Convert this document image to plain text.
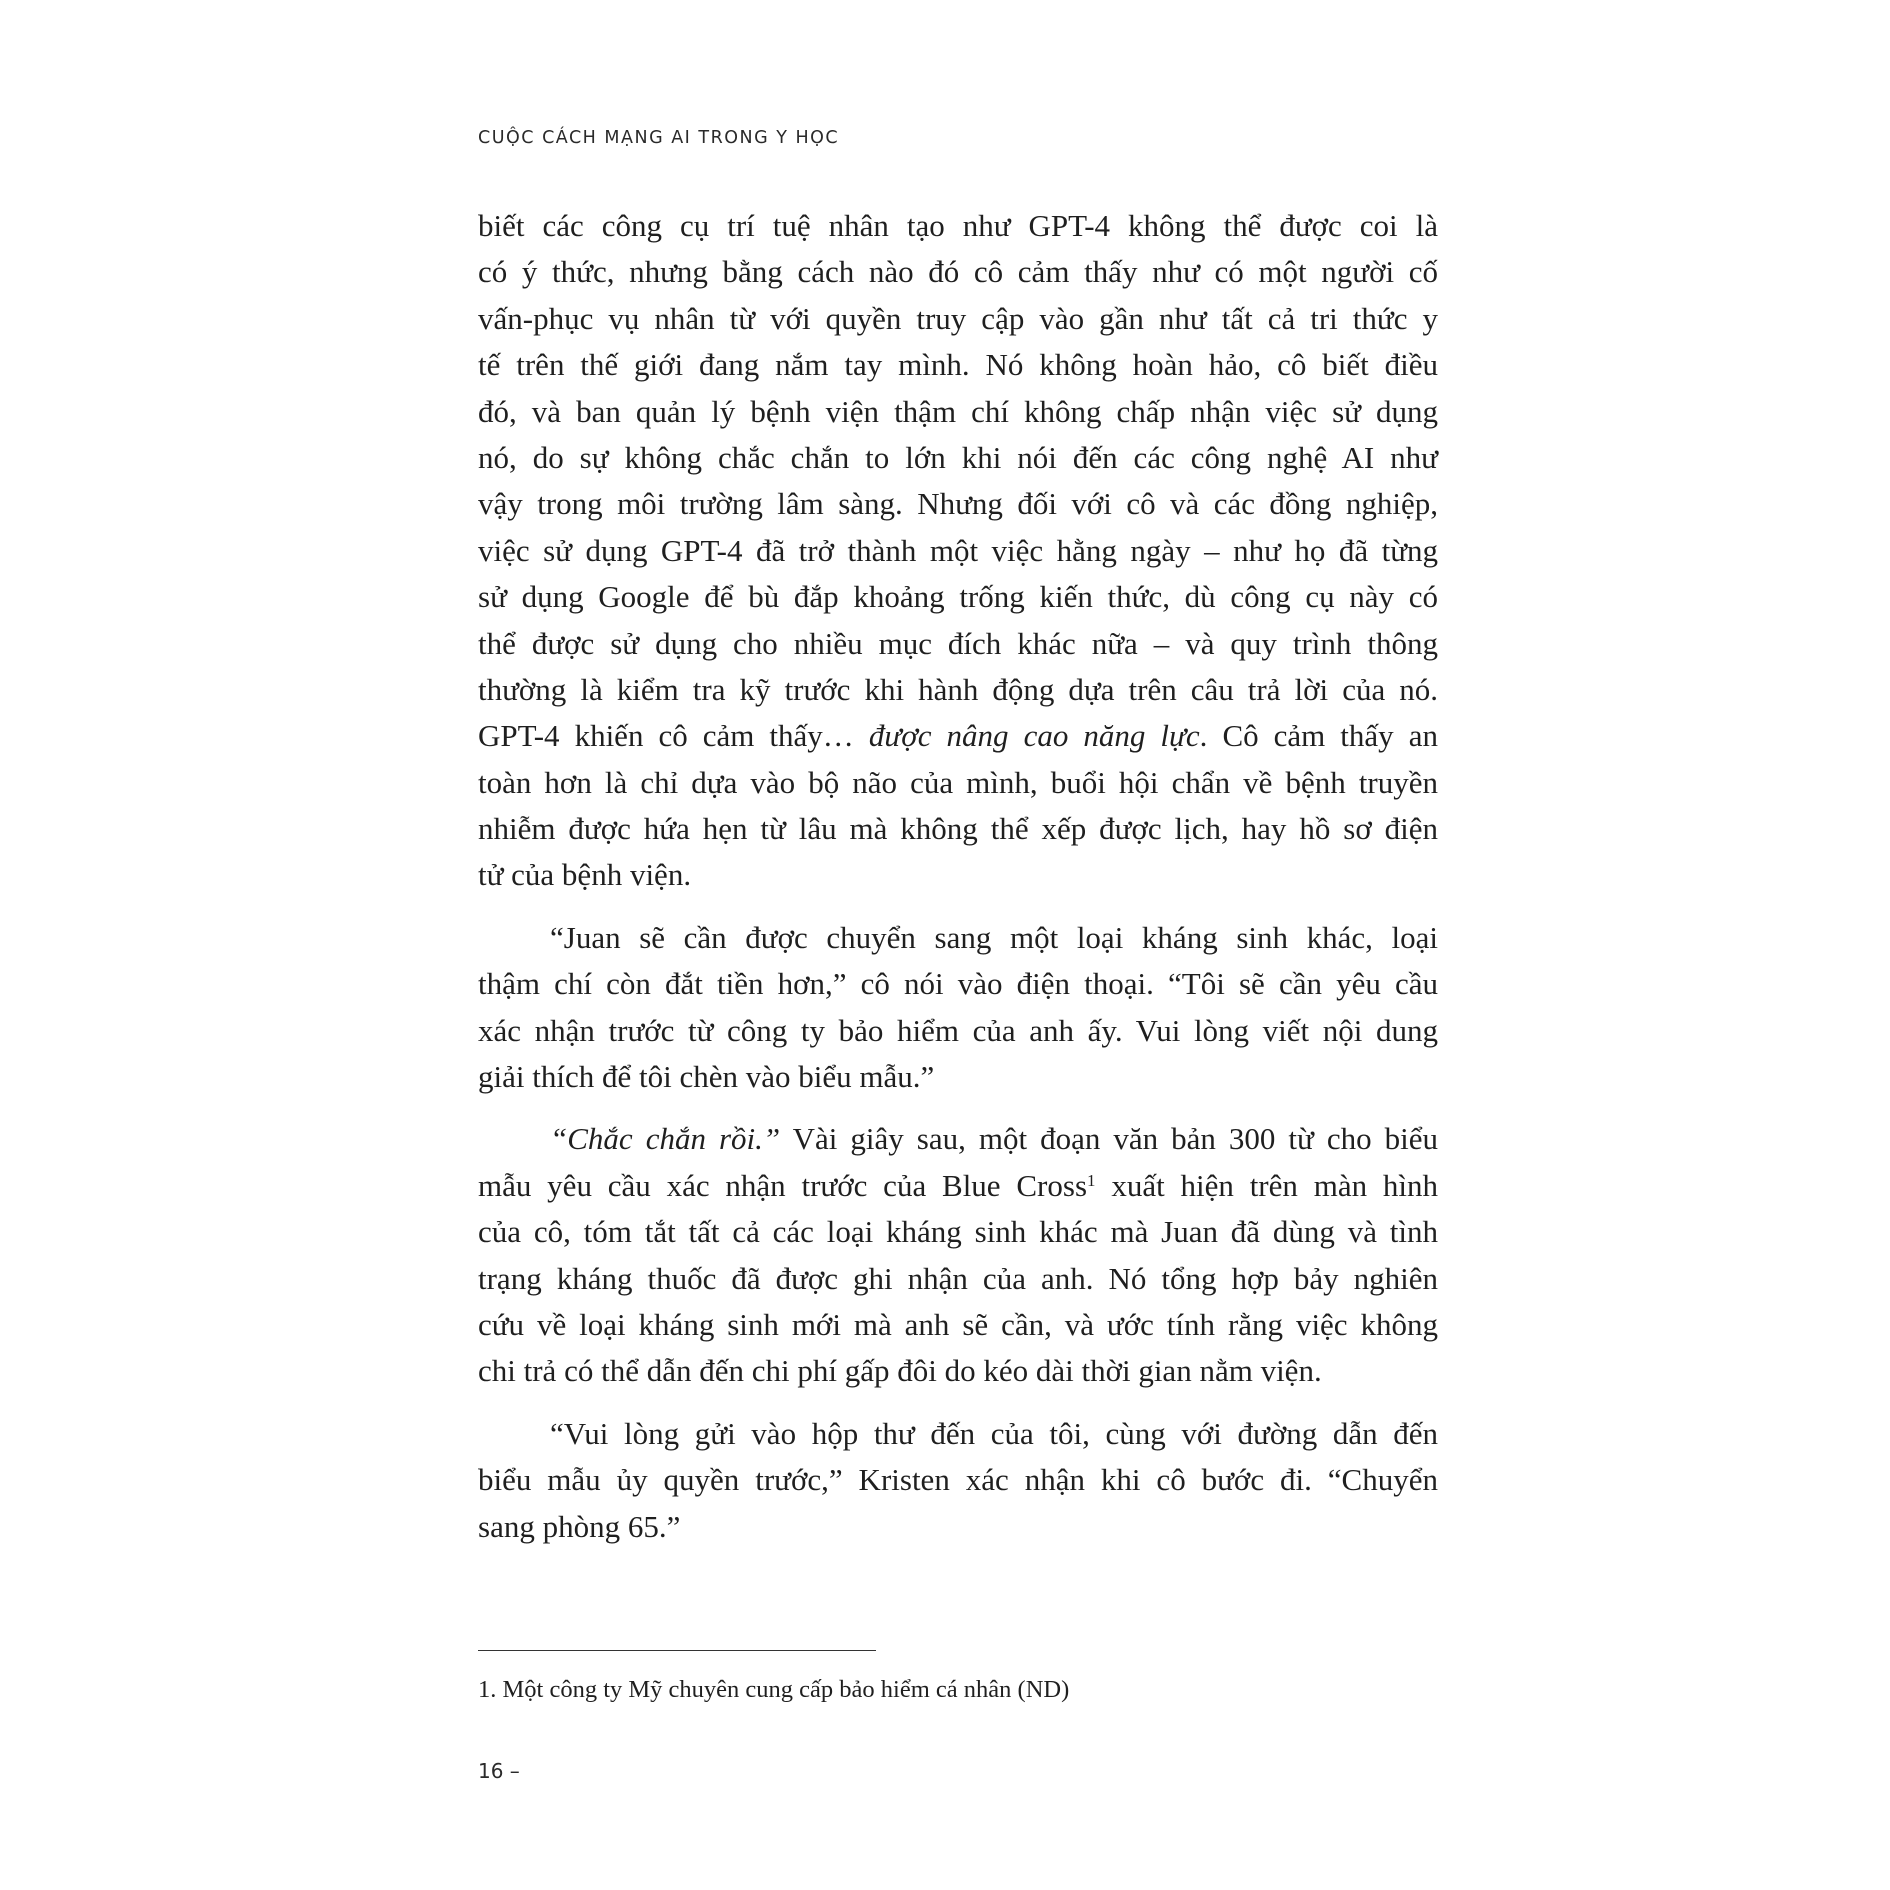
CUỘC CÁCH MẠNG AI TRONG Y HỌC

biết các công cụ trí tuệ nhân tạo như GPT-4 không thể được coi là
có ý thức, nhưng bằng cách nào đó cô cảm thấy như có một người cố
vấn-phục vụ nhân từ với quyền truy cập vào gần như tất cả tri thức y
tế trên thế giới đang nắm tay mình. Nó không hoàn hảo, cô biết điều
đó, và ban quản lý bệnh viện thậm chí không chấp nhận việc sử dụng
nó, do sự không chắc chắn to lớn khi nói đến các công nghệ AI như
vậy trong môi trường lâm sàng. Nhưng đối với cô và các đồng nghiệp,
việc sử dụng GPT-4 đã trở thành một việc hằng ngày – như họ đã từng
sử dụng Google để bù đắp khoảng trống kiến thức, dù công cụ này có
thể được sử dụng cho nhiều mục đích khác nữa – và quy trình thông
thường là kiểm tra kỹ trước khi hành động dựa trên câu trả lời của nó.
GPT-4 khiến cô cảm thấy… được nâng cao năng lực. Cô cảm thấy an
toàn hơn là chỉ dựa vào bộ não của mình, buổi hội chẩn về bệnh truyền
nhiễm được hứa hẹn từ lâu mà không thể xếp được lịch, hay hồ sơ điện
tử của bệnh viện.

“Juan sẽ cần được chuyển sang một loại kháng sinh khác, loại
thậm chí còn đắt tiền hơn,” cô nói vào điện thoại. “Tôi sẽ cần yêu cầu
xác nhận trước từ công ty bảo hiểm của anh ấy. Vui lòng viết nội dung
giải thích để tôi chèn vào biểu mẫu.”

“Chắc chắn rồi.” Vài giây sau, một đoạn văn bản 300 từ cho biểu
mẫu yêu cầu xác nhận trước của Blue Cross$^1$ xuất hiện trên màn hình
của cô, tóm tắt tất cả các loại kháng sinh khác mà Juan đã dùng và tình
trạng kháng thuốc đã được ghi nhận của anh. Nó tổng hợp bảy nghiên
cứu về loại kháng sinh mới mà anh sẽ cần, và ước tính rằng việc không
chi trả có thể dẫn đến chi phí gấp đôi do kéo dài thời gian nằm viện.

“Vui lòng gửi vào hộp thư đến của tôi, cùng với đường dẫn đến
biểu mẫu ủy quyền trước,” Kristen xác nhận khi cô bước đi. “Chuyển
sang phòng 65.”

1. Một công ty Mỹ chuyên cung cấp bảo hiểm cá nhân (ND)
16 –
